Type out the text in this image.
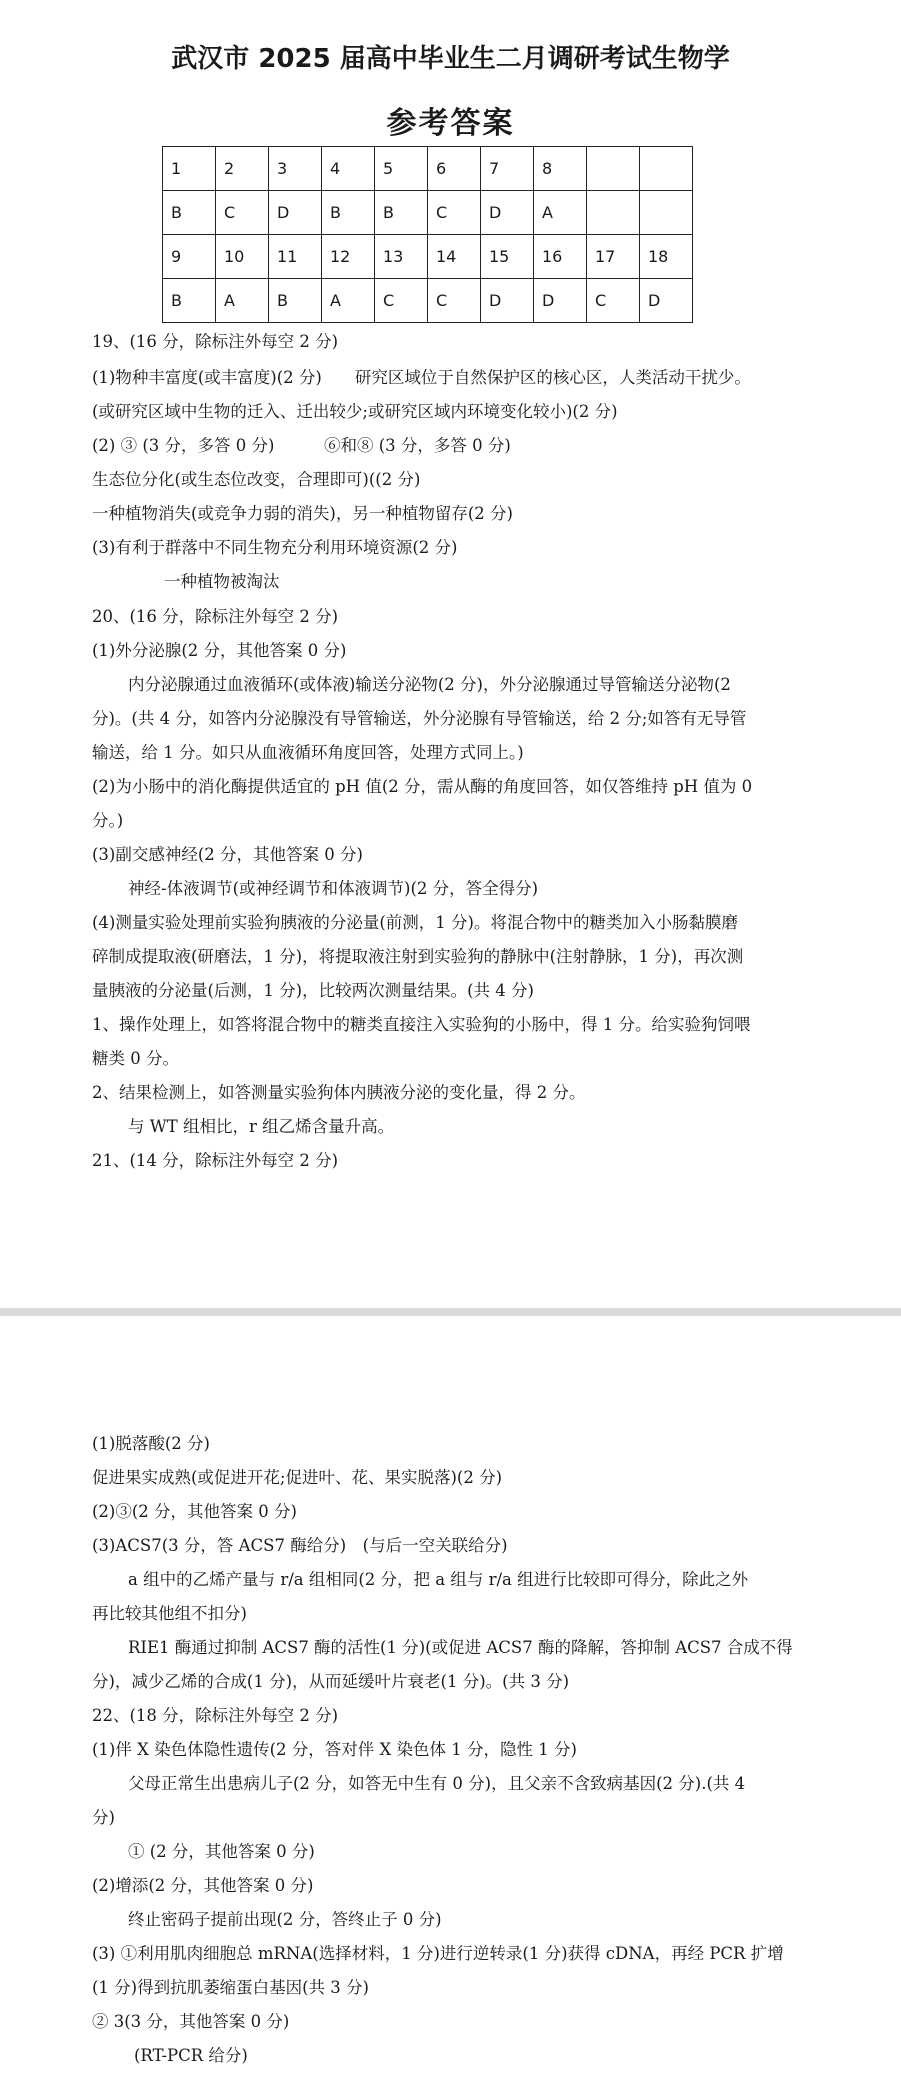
武汉市 2025 届高中毕业生二月调研考试生物学
参考答案
1	2	3	4	5	6	7	8		
B	C	D	B	B	C	D	A		
9	10	11	12	13	14	15	16	17	18
B	A	B	A	C	C	D	D	C	D
19、(16 分，除标注外每空 2 分)
(1)物种丰富度(或丰富度)(2 分)　　研究区域位于自然保护区的核心区，人类活动干扰少。
(或研究区域中生物的迁入、迁出较少;或研究区域内环境变化较小)(2 分)
(2) ③ (3 分，多答 0 分)　　　⑥和⑧ (3 分，多答 0 分)
生态位分化(或生态位改变，合理即可)((2 分)
一种植物消失(或竞争力弱的消失)，另一种植物留存(2 分)
(3)有利于群落中不同生物充分利用环境资源(2 分)
一种植物被淘汰
20、(16 分，除标注外每空 2 分)
(1)外分泌腺(2 分，其他答案 0 分)
内分泌腺通过血液循环(或体液)输送分泌物(2 分)，外分泌腺通过导管输送分泌物(2
分)。(共 4 分，如答内分泌腺没有导管输送，外分泌腺有导管输送，给 2 分;如答有无导管
输送，给 1 分。如只从血液循环角度回答，处理方式同上。)
(2)为小肠中的消化酶提供适宜的 pH 值(2 分，需从酶的角度回答，如仅答维持 pH 值为 0
分。)
(3)副交感神经(2 分，其他答案 0 分)
神经-体液调节(或神经调节和体液调节)(2 分，答全得分)
(4)测量实验处理前实验狗胰液的分泌量(前测，1 分)。将混合物中的糖类加入小肠黏膜磨
碎制成提取液(研磨法，1 分)，将提取液注射到实验狗的静脉中(注射静脉，1 分)，再次测
量胰液的分泌量(后测，1 分)，比较两次测量结果。(共 4 分)
1、操作处理上，如答将混合物中的糖类直接注入实验狗的小肠中，得 1 分。给实验狗饲喂
糖类 0 分。
2、结果检测上，如答测量实验狗体内胰液分泌的变化量，得 2 分。
与 WT 组相比，r 组乙烯含量升高。
21、(14 分，除标注外每空 2 分)
(1)脱落酸(2 分)
促进果实成熟(或促进开花;促进叶、花、果实脱落)(2 分)
(2)③(2 分，其他答案 0 分)
(3)ACS7(3 分，答 ACS7 酶给分)　(与后一空关联给分)
a 组中的乙烯产量与 r/a 组相同(2 分，把 a 组与 r/a 组进行比较即可得分，除此之外
再比较其他组不扣分)
RIE1 酶通过抑制 ACS7 酶的活性(1 分)(或促进 ACS7 酶的降解，答抑制 ACS7 合成不得
分)，减少乙烯的合成(1 分)，从而延缓叶片衰老(1 分)。(共 3 分)
22、(18 分，除标注外每空 2 分)
(1)伴 X 染色体隐性遗传(2 分，答对伴 X 染色体 1 分，隐性 1 分)
父母正常生出患病儿子(2 分，如答无中生有 0 分)，且父亲不含致病基因(2 分).(共 4
分)
① (2 分，其他答案 0 分)
(2)增添(2 分，其他答案 0 分)
终止密码子提前出现(2 分，答终止子 0 分)
(3) ①利用肌肉细胞总 mRNA(选择材料，1 分)进行逆转录(1 分)获得 cDNA，再经 PCR 扩增
(1 分)得到抗肌萎缩蛋白基因(共 3 分)
② 3(3 分，其他答案 0 分)
(RT-PCR 给分)
